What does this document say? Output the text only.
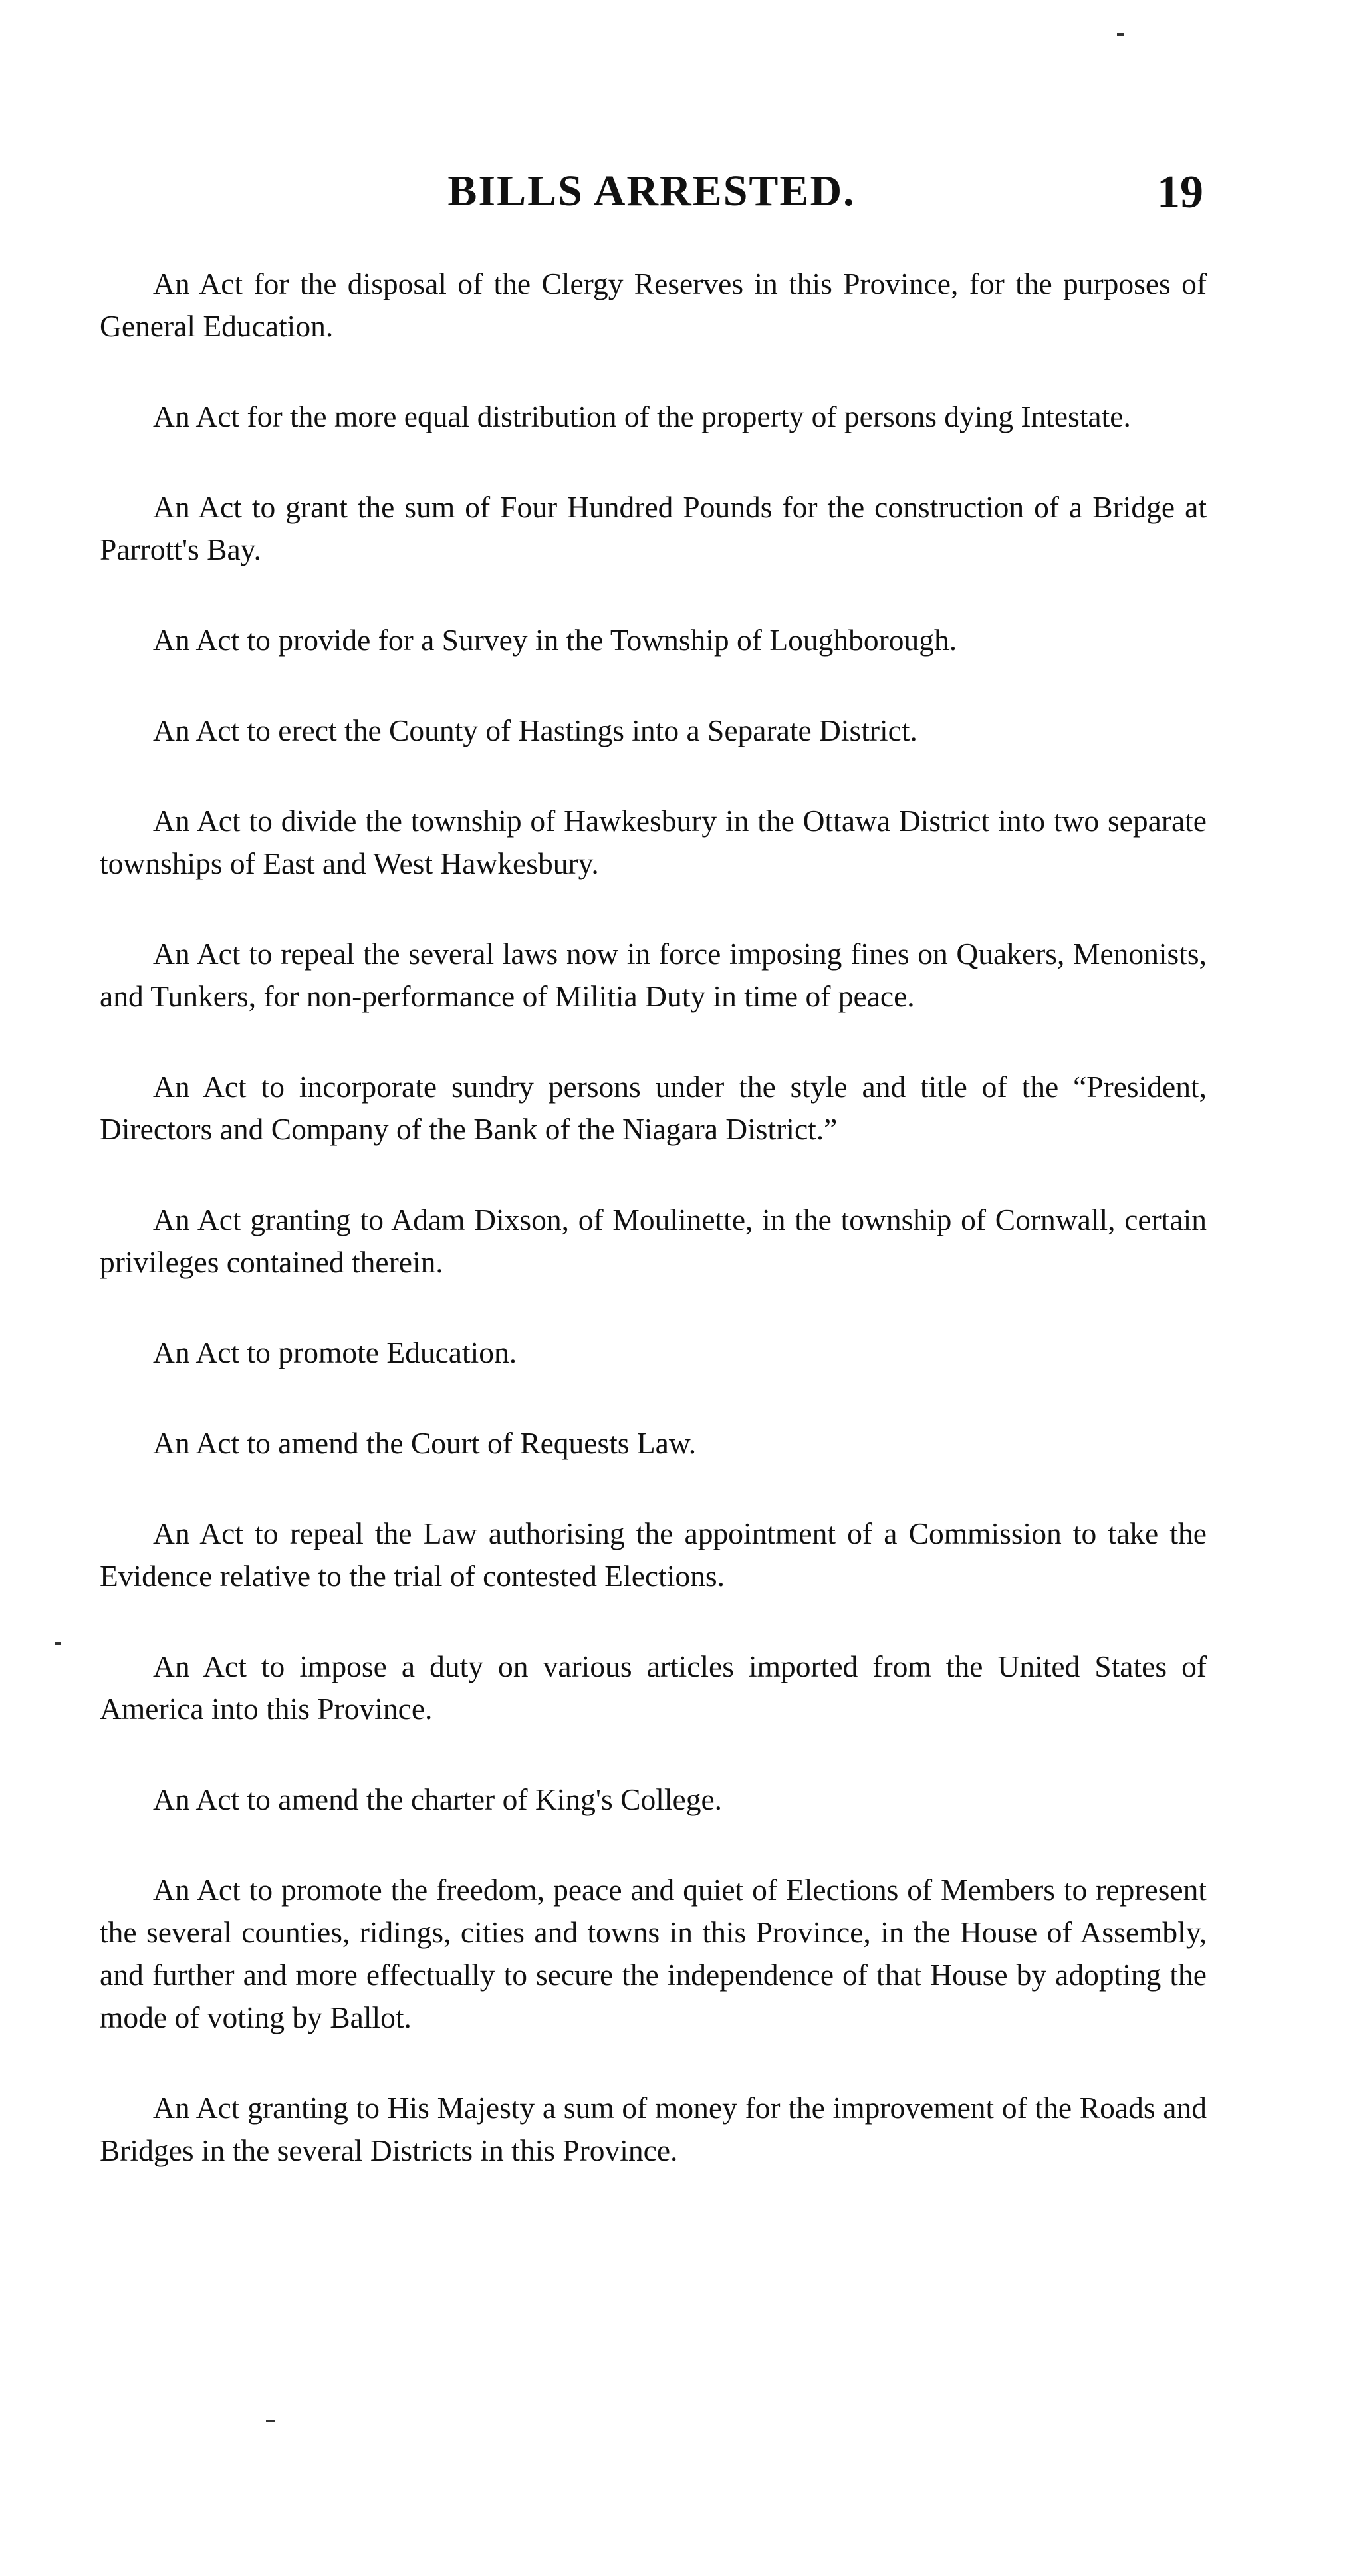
BILLS ARRESTED.	19

An Act for the disposal of the Clergy Reserves in this Province, for the purposes of General Education.

An Act for the more equal distribution of the property of persons dying Intestate.

An Act to grant the sum of Four Hundred Pounds for the construction of a Bridge at Parrott's Bay.

An Act to provide for a Survey in the Township of Loughborough.

An Act to erect the County of Hastings into a Separate District.

An Act to divide the township of Hawkesbury in the Ottawa District into two separate townships of East and West Hawkesbury.

An Act to repeal the several laws now in force imposing fines on Quakers, Menonists, and Tunkers, for non-performance of Militia Duty in time of peace.

An Act to incorporate sundry persons under the style and title of the “President, Directors and Company of the Bank of the Niagara District.”

An Act granting to Adam Dixson, of Moulinette, in the township of Cornwall, certain privileges contained therein.

An Act to promote Education.

An Act to amend the Court of Requests Law.

An Act to repeal the Law authorising the appointment of a Commission to take the Evidence relative to the trial of contested Elections.

An Act to impose a duty on various articles imported from the United States of America into this Province.

An Act to amend the charter of King's College.

An Act to promote the freedom, peace and quiet of Elections of Members to represent the several counties, ridings, cities and towns in this Province, in the House of Assembly, and further and more effectually to secure the independence of that House by adopting the mode of voting by Ballot.

An Act granting to His Majesty a sum of money for the improvement of the Roads and Bridges in the several Districts in this Province.
